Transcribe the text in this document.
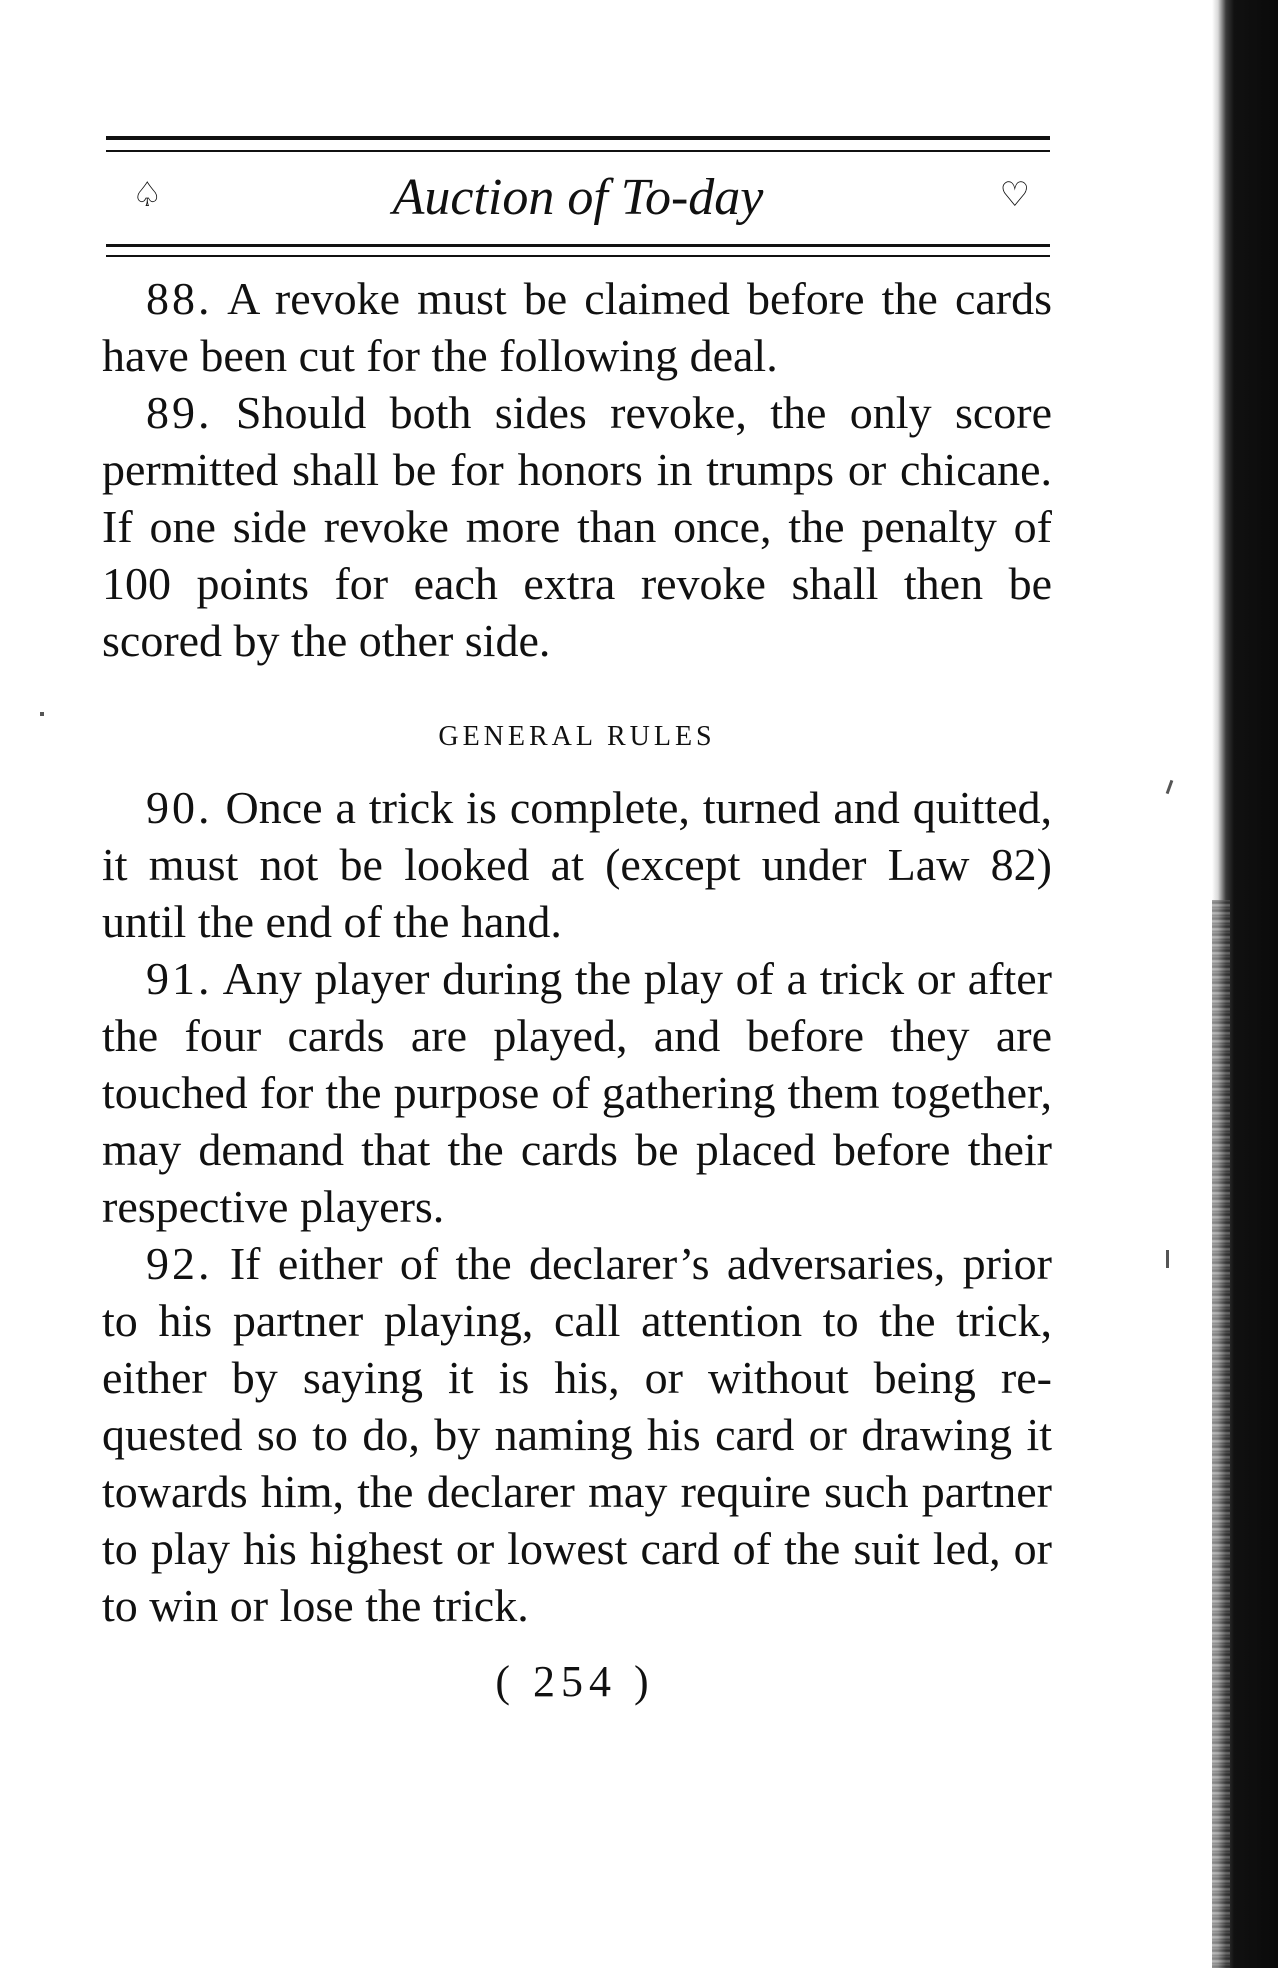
♤	Auction of To-day	♡

88. A revoke must be claimed before the cards have been cut for the following deal.

89. Should both sides revoke, the only score permitted shall be for honors in trumps or chicane. If one side revoke more than once, the penalty of 100 points for each extra revoke shall then be scored by the other side.

GENERAL RULES

90. Once a trick is complete, turned and quitted, it must not be looked at (except under Law 82) until the end of the hand.

91. Any player during the play of a trick or after the four cards are played, and before they are touched for the purpose of gathering them together, may demand that the cards be placed before their respective players.

92. If either of the declarer’s adversaries, prior to his partner playing, call attention to the trick, either by saying it is his, or without being requested so to do, by naming his card or drawing it towards him, the declarer may require such partner to play his highest or lowest card of the suit led, or to win or lose the trick.

( 254 )
